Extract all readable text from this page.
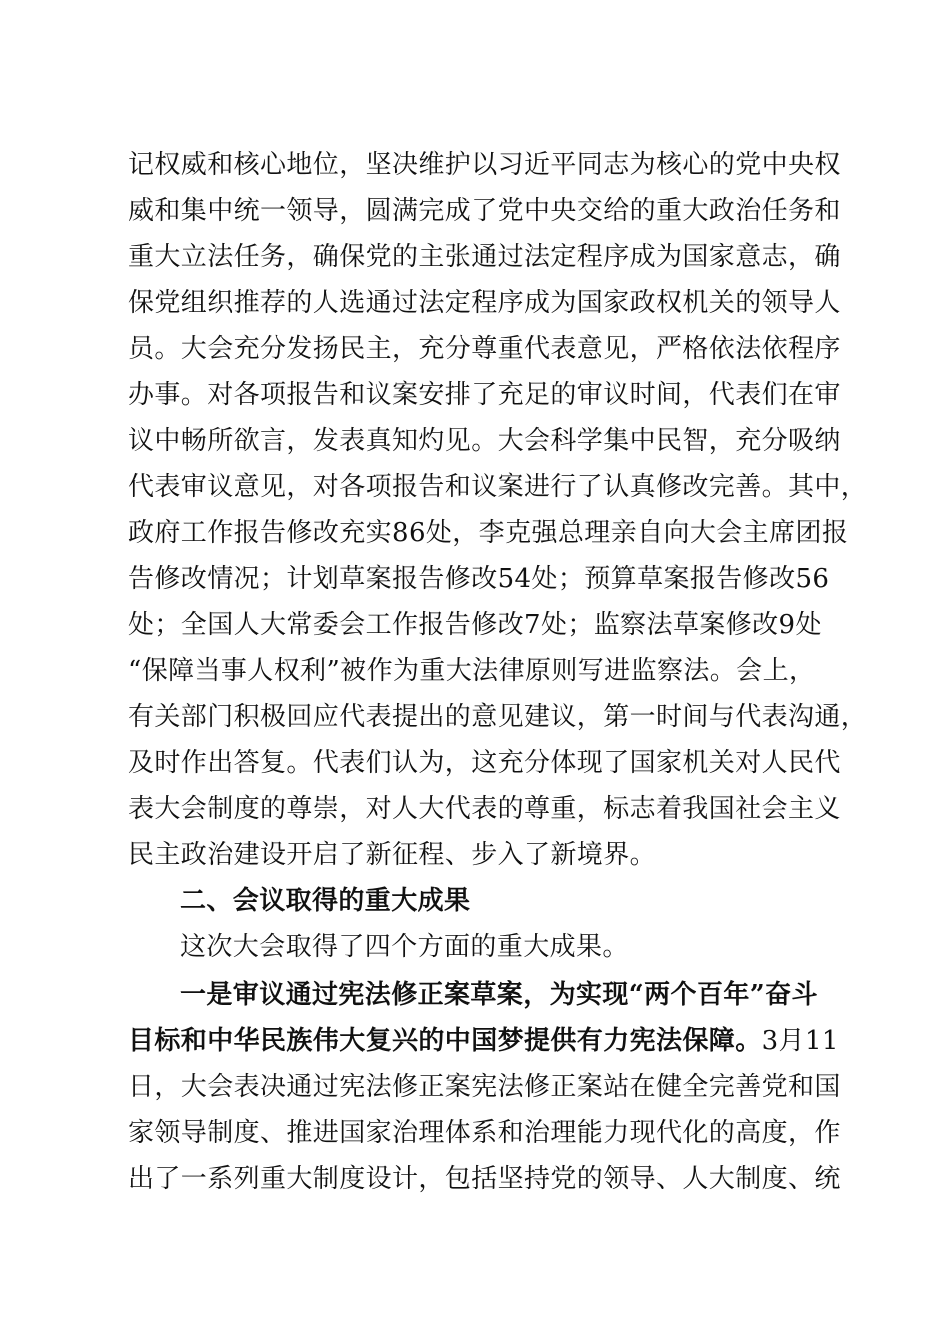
记权威和核心地位，坚决维护以习近平同志为核心的党中央权
威和集中统一领导，圆满完成了党中央交给的重大政治任务和
重大立法任务，确保党的主张通过法定程序成为国家意志，确
保党组织推荐的人选通过法定程序成为国家政权机关的领导人
员。大会充分发扬民主，充分尊重代表意见，严格依法依程序
办事。对各项报告和议案安排了充足的审议时间，代表们在审
议中畅所欲言，发表真知灼见。大会科学集中民智，充分吸纳
代表审议意见，对各项报告和议案进行了认真修改完善。其中，
政府工作报告修改充实86处，李克强总理亲自向大会主席团报
告修改情况；计划草案报告修改54处；预算草案报告修改56
处；全国人大常委会工作报告修改7处；监察法草案修改9处
“保障当事人权利”被作为重大法律原则写进监察法。会上，
有关部门积极回应代表提出的意见建议，第一时间与代表沟通，
及时作出答复。代表们认为，这充分体现了国家机关对人民代
表大会制度的尊崇，对人大代表的尊重，标志着我国社会主义
民主政治建设开启了新征程、步入了新境界。
二、会议取得的重大成果
这次大会取得了四个方面的重大成果。
一是审议通过宪法修正案草案，为实现“两个百年”奋斗
目标和中华民族伟大复兴的中国梦提供有力宪法保障。3月11
日，大会表决通过宪法修正案宪法修正案站在健全完善党和国
家领导制度、推进国家治理体系和治理能力现代化的高度，作
出了一系列重大制度设计，包括坚持党的领导、人大制度、统
